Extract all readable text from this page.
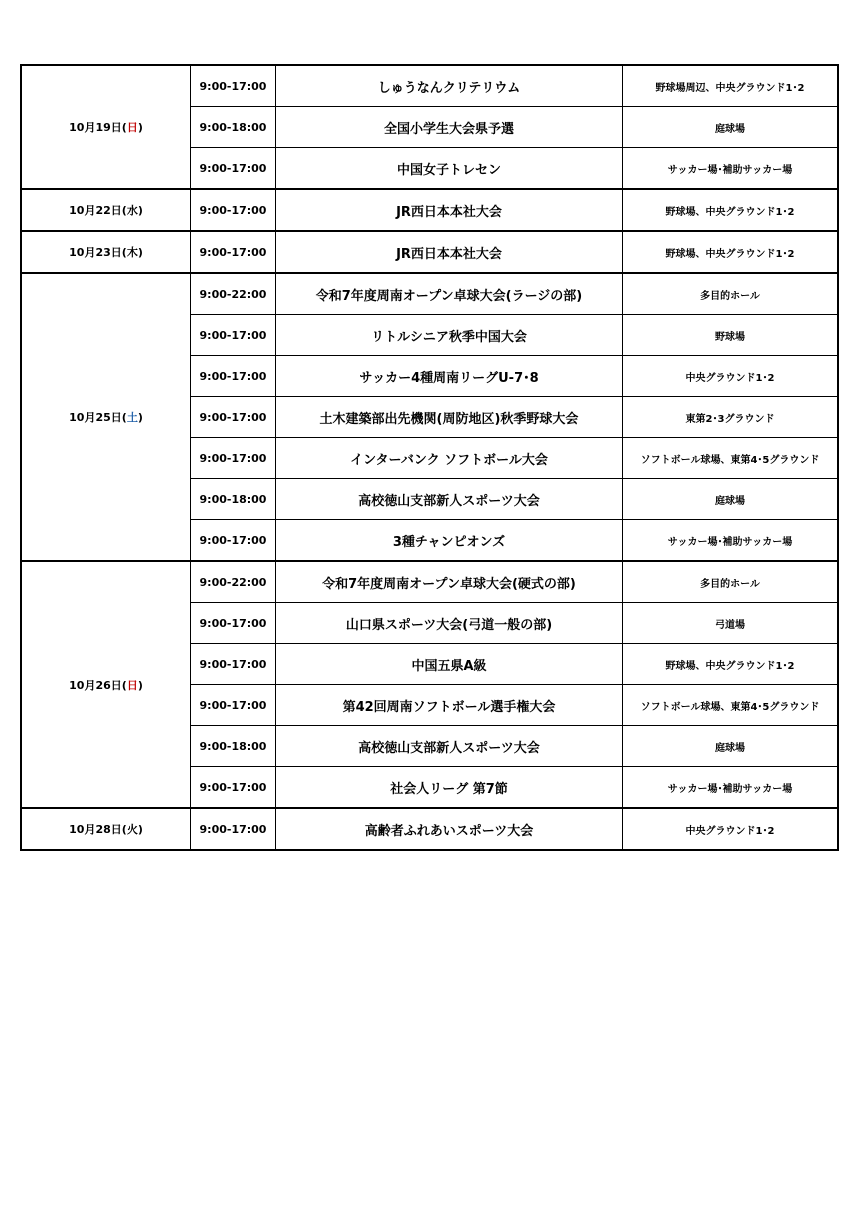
10月19日(日)	9:00-17:00	しゅうなんクリテリウム	野球場周辺、中央グラウンド1･2
	9:00-18:00	全国小学生大会県予選	庭球場
	9:00-17:00	中国女子トレセン	サッカー場･補助サッカー場
10月22日(水)	9:00-17:00	JR西日本本社大会	野球場、中央グラウンド1･2
10月23日(木)	9:00-17:00	JR西日本本社大会	野球場、中央グラウンド1･2
10月25日(土)	9:00-22:00	令和7年度周南オープン卓球大会(ラージの部)	多目的ホール
	9:00-17:00	リトルシニア秋季中国大会	野球場
	9:00-17:00	サッカー4種周南リーグU-7･8	中央グラウンド1･2
	9:00-17:00	土木建築部出先機関(周防地区)秋季野球大会	東第2･3グラウンド
	9:00-17:00	インターバンク ソフトボール大会	ソフトボール球場、東第4･5グラウンド
	9:00-18:00	高校徳山支部新人スポーツ大会	庭球場
	9:00-17:00	3種チャンピオンズ	サッカー場･補助サッカー場
10月26日(日)	9:00-22:00	令和7年度周南オープン卓球大会(硬式の部)	多目的ホール
	9:00-17:00	山口県スポーツ大会(弓道一般の部)	弓道場
	9:00-17:00	中国五県A級	野球場、中央グラウンド1･2
	9:00-17:00	第42回周南ソフトボール選手権大会	ソフトボール球場、東第4･5グラウンド
	9:00-18:00	高校徳山支部新人スポーツ大会	庭球場
	9:00-17:00	社会人リーグ 第7節	サッカー場･補助サッカー場
10月28日(火)	9:00-17:00	高齢者ふれあいスポーツ大会	中央グラウンド1･2
